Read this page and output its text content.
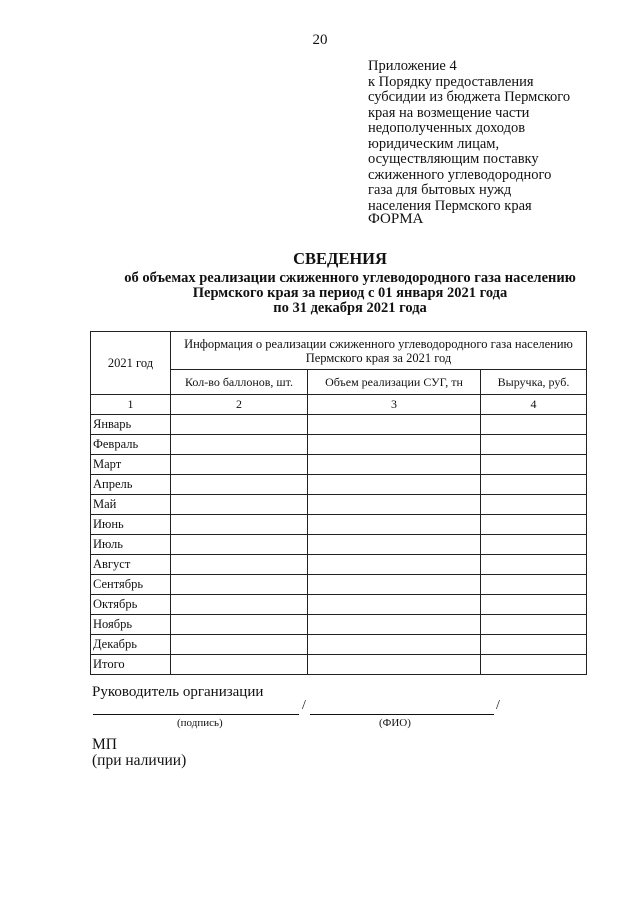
20
Приложение 4
к Порядку предоставления
субсидии из бюджета Пермского
края на возмещение части
недополученных доходов
юридическим лицам,
осуществляющим поставку
сжиженного углеводородного
газа для бытовых нужд
населения Пермского края
ФОРМА
СВЕДЕНИЯ
об объемах реализации сжиженного углеводородного газа населению
Пермского края за период с 01 января 2021 года
по 31 декабря 2021 года
2021 год	Информация о реализации сжиженного углеводородного газа населению Пермского края за 2021 год		
	Кол-во баллонов, шт.	Объем реализации СУГ, тн	Выручка, руб.
1	2	3	4
Январь			
Февраль			
Март			
Апрель			
Май			
Июнь			
Июль			
Август			
Сентябрь			
Октябрь			
Ноябрь			
Декабрь			
Итого			
Руководитель организации
/	/
(подпись)	(ФИО)
МП
(при наличии)
